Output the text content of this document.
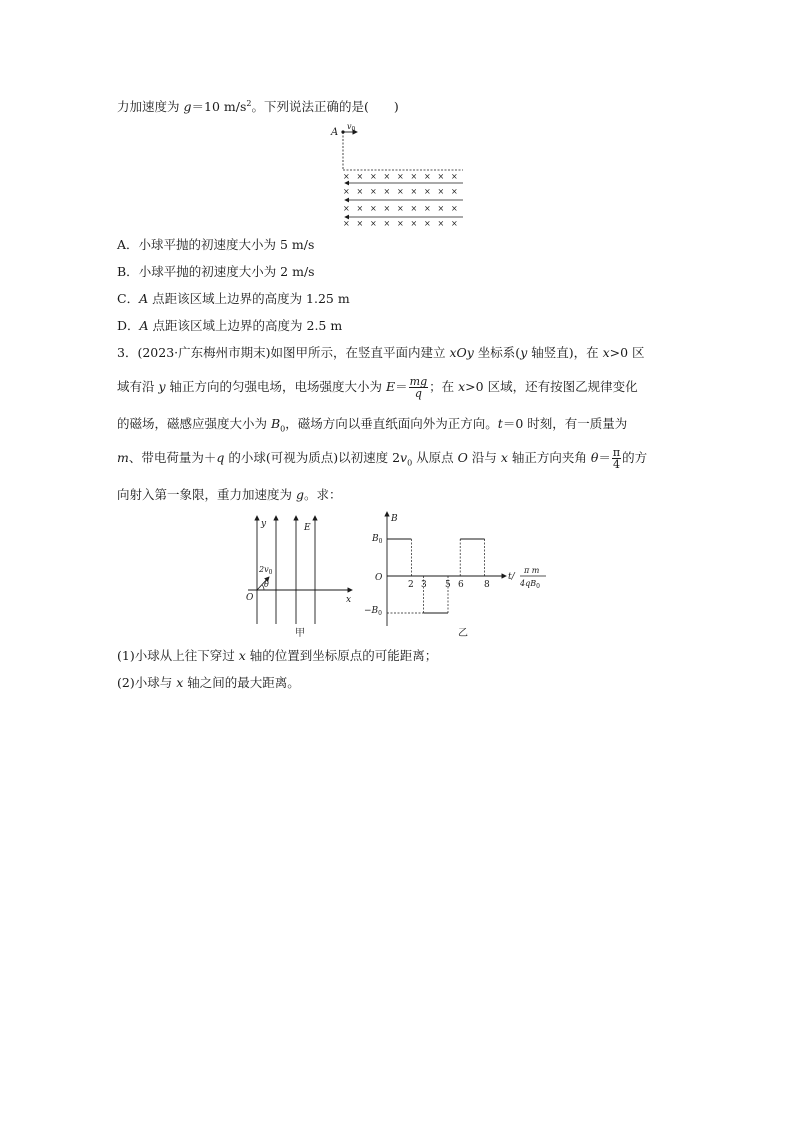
力加速度为 g＝10 $m/s^2$。下列说法正确的是(　　)
A
$v_0$
× × × × × × × × ×
× × × × × × × × ×
× × × × × × × × ×
× × × × × × × × ×
A．小球平抛的初速度大小为 5 m/s
B．小球平抛的初速度大小为 2 m/s
C．A 点距该区域上边界的高度为 1.25 m
D．A 点距该区域上边界的高度为 2.5 m
3．(2023·广东梅州市期末)如图甲所示，在竖直平面内建立 xOy 坐标系(y 轴竖直)，在 x>0 区
域有沿 y 轴正方向的匀强电场，电场强度大小为 $E= \frac{mg}{q}$ ；在 x>0 区域，还有按图乙规律变化
的磁场，磁感应强度大小为 $B_0$，磁场方向以垂直纸面向外为正方向。t＝0 时刻，有一质量为
m、带电荷量为＋q 的小球(可视为质点)以初速度 $2v_0$ 从原点 O 沿与 x 轴正方向夹角 $\theta= \frac{\pi}{4}$ 的方
向射入第一象限，重力加速度为 g。求：
y
x
O
E
$2v_0$
θ
甲
B
O
$B_0$
$-B_0$
2 3 5 6 8
t/
π m
$4qB_0$
乙
(1)小球从上往下穿过 x 轴的位置到坐标原点的可能距离；
(2)小球与 x 轴之间的最大距离。
